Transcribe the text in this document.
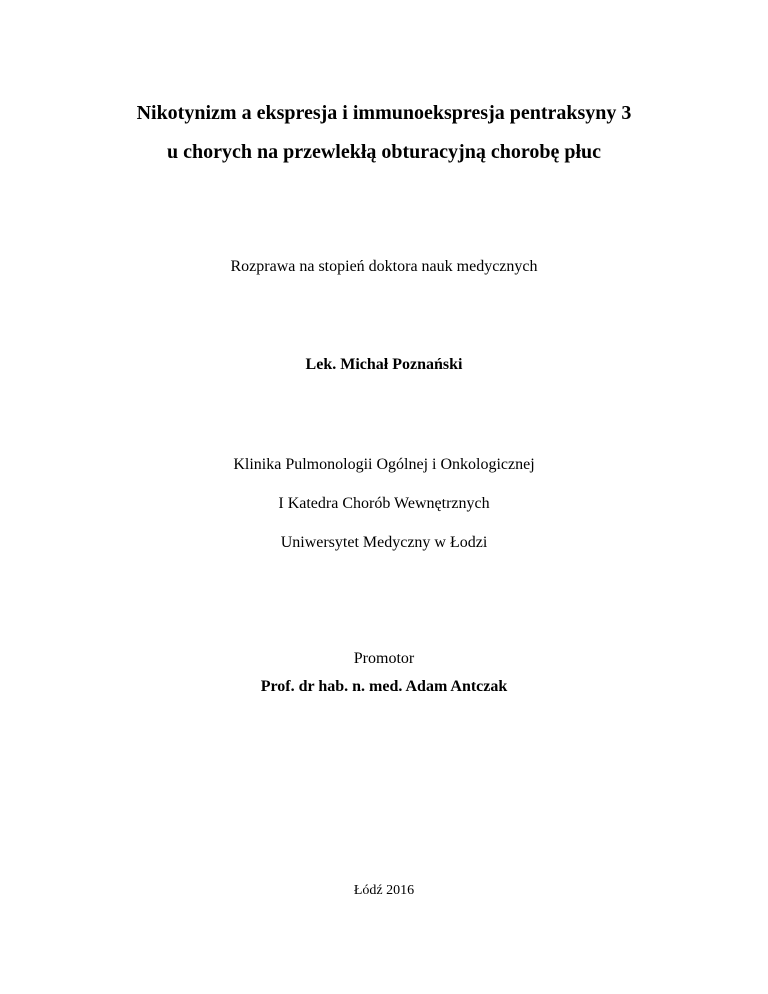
Nikotynizm a ekspresja i immunoekspresja pentraksyny 3
u chorych na przewlekłą obturacyjną chorobę płuc

Rozprawa na stopień doktora nauk medycznych

Lek. Michał Poznański

Klinika Pulmonologii Ogólnej i Onkologicznej

I Katedra Chorób Wewnętrznych

Uniwersytet Medyczny w Łodzi

Promotor

Prof. dr hab. n. med. Adam Antczak

Łódź 2016
